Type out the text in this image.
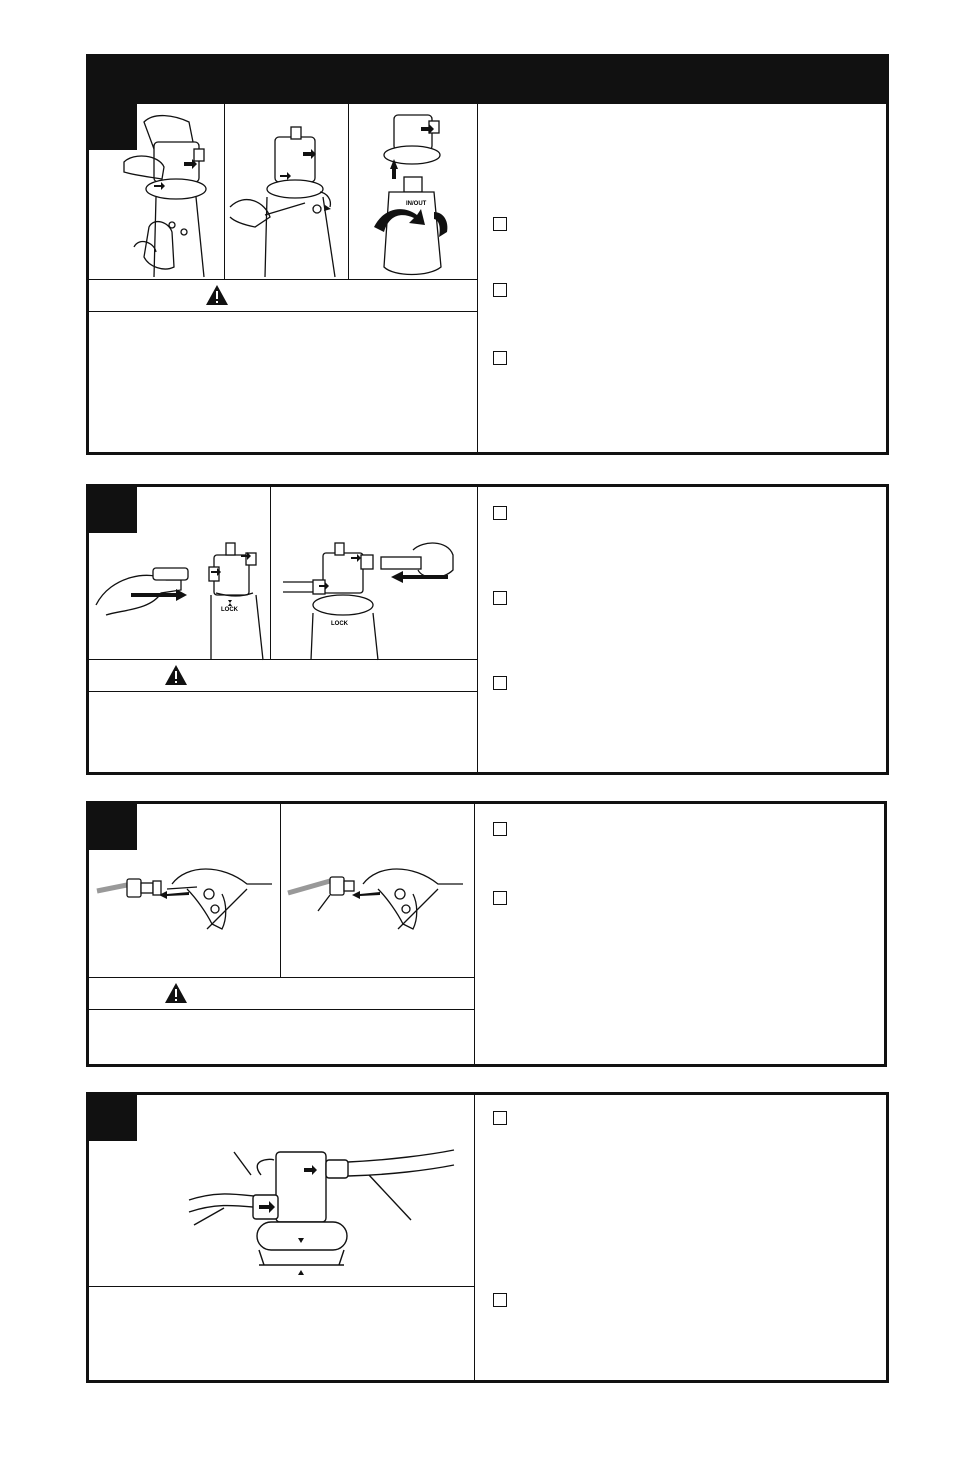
IN/OUT
LOCK
LOCK
